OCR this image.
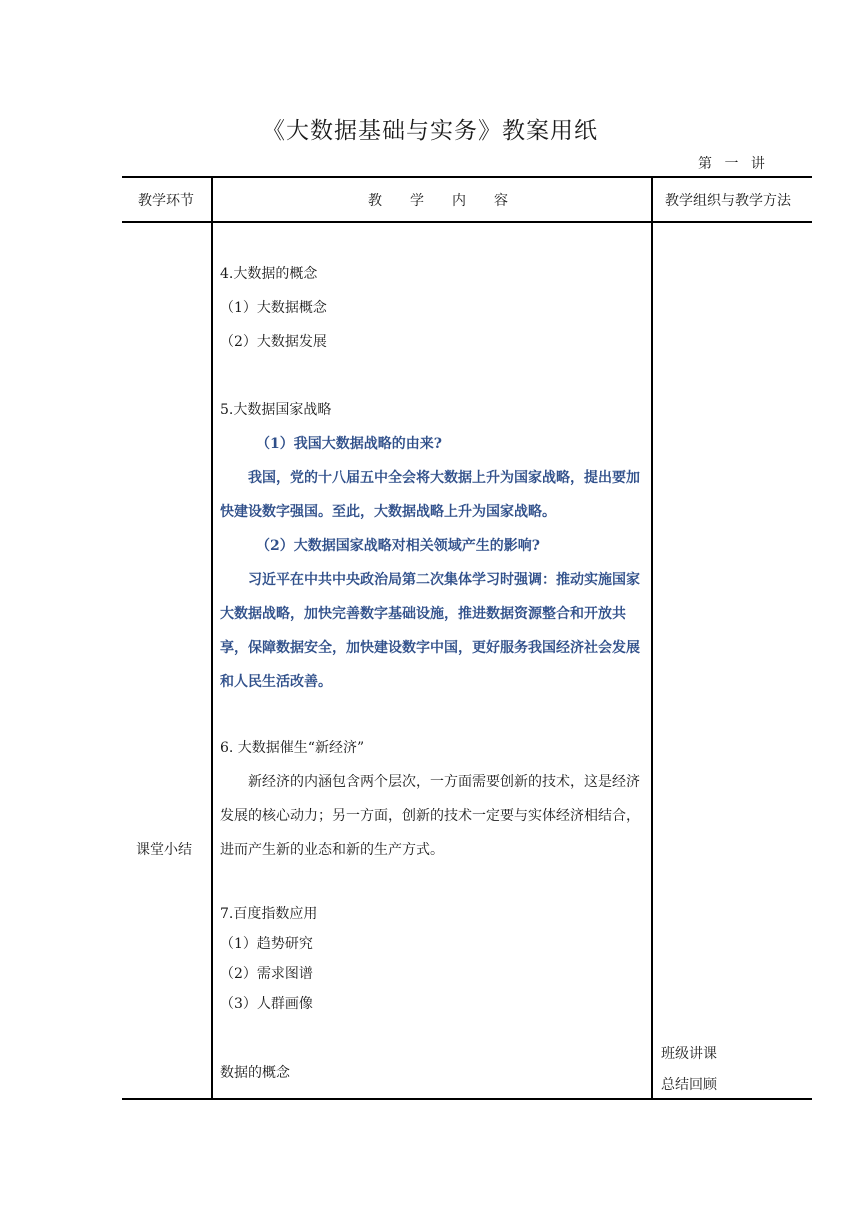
《大数据基础与实务》教案用纸
第 一 讲
教学环节	教　　学　　内　　容	教学组织与教学方法
课堂小结

4.大数据的概念

（1）大数据概念

（2）大数据发展

5.大数据国家战略

（1）我国大数据战略的由来?

我国，党的十八届五中全会将大数据上升为国家战略，提出要加快建设数字强国。至此，大数据战略上升为国家战略。

（2）大数据国家战略对相关领域产生的影响?

习近平在中共中央政治局第二次集体学习时强调：推动实施国家大数据战略，加快完善数字基础设施，推进数据资源整合和开放共享，保障数据安全，加快建设数字中国，更好服务我国经济社会发展和人民生活改善。

6. 大数据催生“新经济”

新经济的内涵包含两个层次，一方面需要创新的技术，这是经济发展的核心动力；另一方面，创新的技术一定要与实体经济相结合，进而产生新的业态和新的生产方式。

7.百度指数应用

（1）趋势研究

（2）需求图谱

（3）人群画像

数据的概念
班级讲课
总结回顾
